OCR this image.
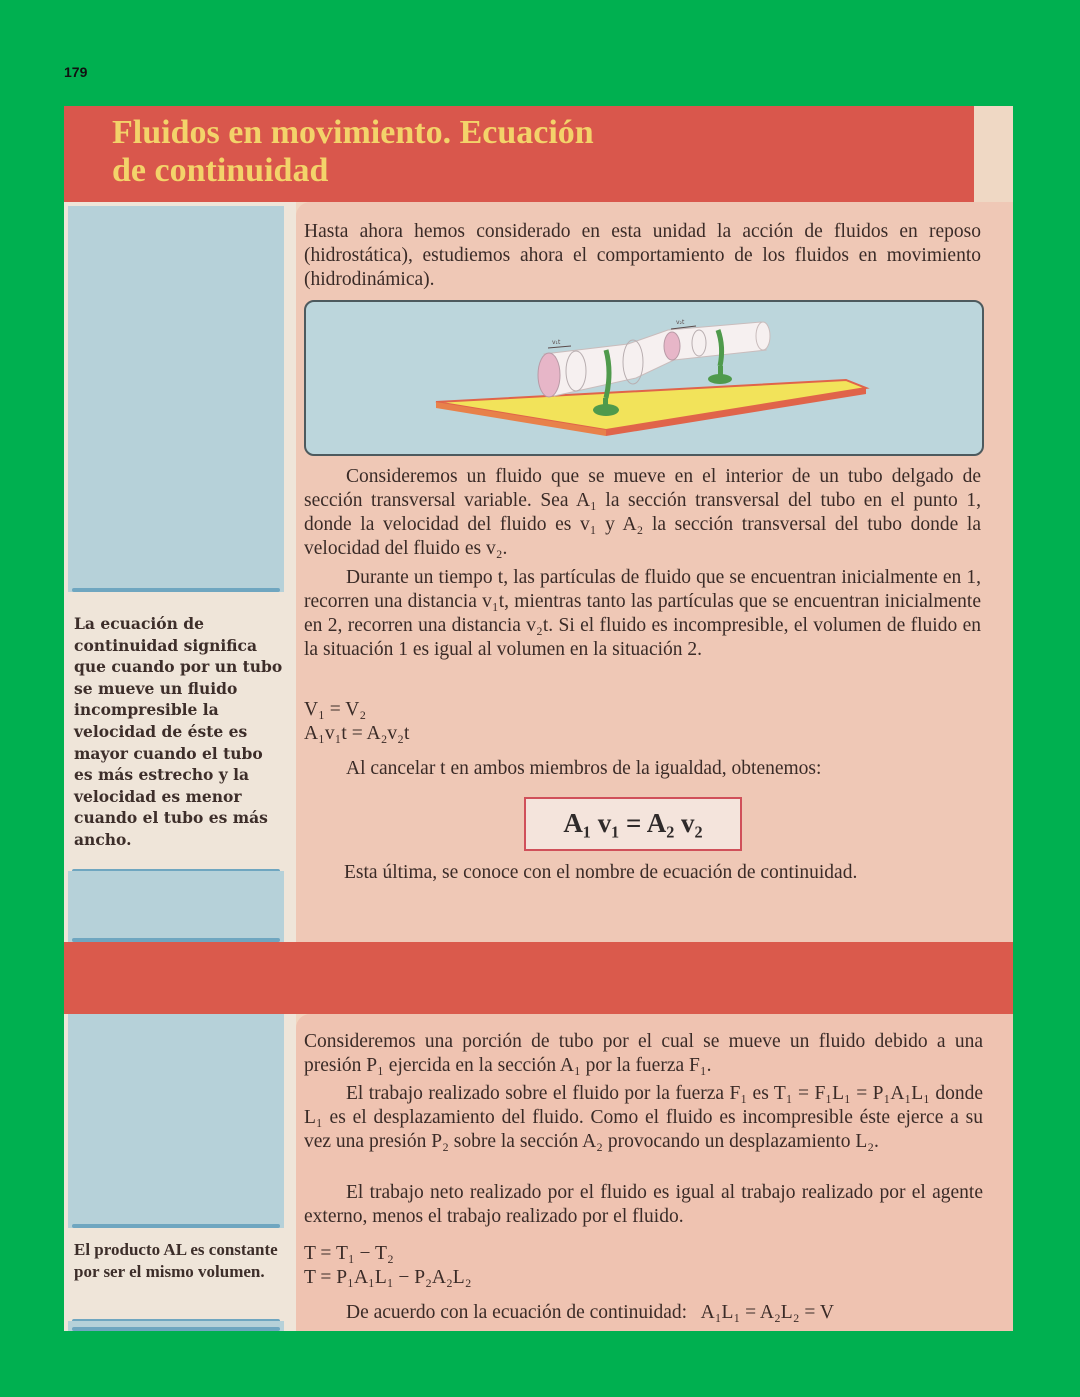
179
Fluidos en movimiento. Ecuación
de continuidad
La ecuación de continuidad significa que cuando por un tubo se mueve un fluido incompresible la velocidad de éste es mayor cuando el tubo es más estrecho y la velocidad es menor cuando el tubo es más ancho.
Hasta ahora hemos considerado en esta unidad la acción de fluidos en reposo (hidrostática), estudiemos ahora el comportamiento de los fluidos en movimiento (hidrodinámica).
v₁t
v₂t
Consideremos un fluido que se mueve en el interior de un tubo delgado de sección transversal variable. Sea A₁ la sección transversal del tubo en el punto 1, donde la velocidad del fluido es v₁ y A₂ la sección transversal del tubo donde la velocidad del fluido es v₂.
Durante un tiempo t, las partículas de fluido que se encuentran inicialmente en 1, recorren una distancia v₁t, mientras tanto las partículas que se encuentran inicialmente en 2, recorren una distancia v₂t. Si el fluido es incompresible, el volumen de fluido en la situación 1 es igual al volumen en la situación 2.
V₁ = V₂
A₁v₁t = A₂v₂t
Al cancelar t en ambos miembros de la igualdad, obtenemos:
A₁ v₁ = A₂ v₂
Esta última, se conoce con el nombre de ecuación de continuidad.
El producto AL es constante por ser el mismo volumen.
Consideremos una porción de tubo por el cual se mueve un fluido debido a una presión P₁ ejercida en la sección A₁ por la fuerza F₁.
El trabajo realizado sobre el fluido por la fuerza F₁ es T₁ = F₁L₁ = P₁A₁L₁ donde L₁ es el desplazamiento del fluido. Como el fluido es incompresible éste ejerce a su vez una presión P₂ sobre la sección A₂ provocando un desplazamiento L₂.
El trabajo neto realizado por el fluido es igual al trabajo realizado por el agente externo, menos el trabajo realizado por el fluido.
T = T₁ − T₂
T = P₁A₁L₁ − P₂A₂L₂
De acuerdo con la ecuación de continuidad:   A₁L₁ = A₂L₂ = V
